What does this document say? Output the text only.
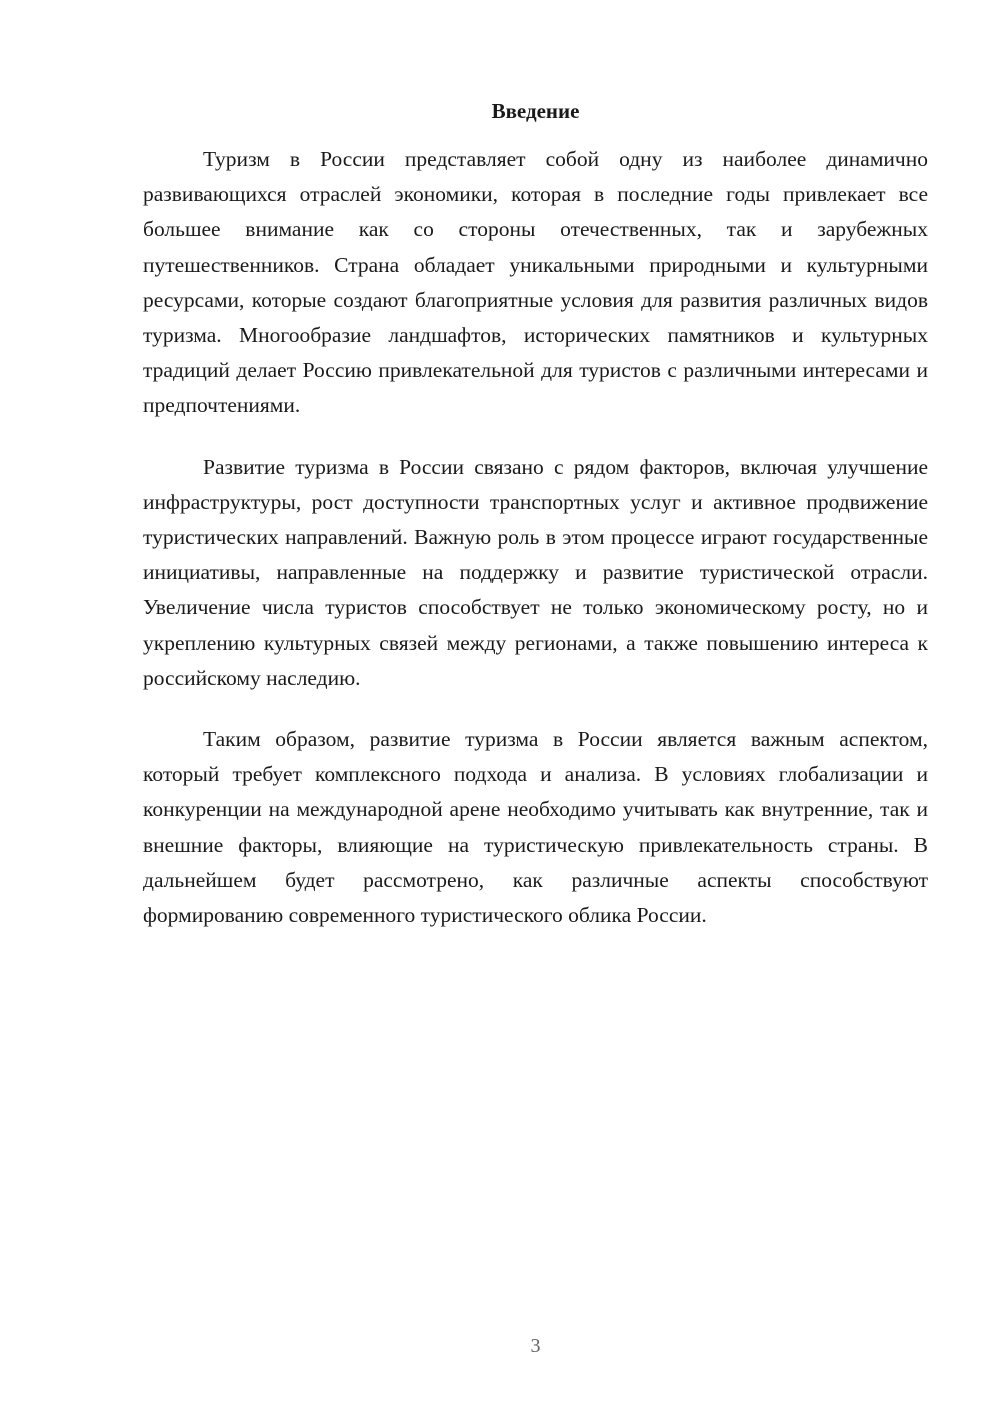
Введение

Туризм в России представляет собой одну из наиболее динамично развивающихся отраслей экономики, которая в последние годы привлекает все большее внимание как со стороны отечественных, так и зарубежных путешественников. Страна обладает уникальными природными и культурными ресурсами, которые создают благоприятные условия для развития различных видов туризма. Многообразие ландшафтов, исторических памятников и культурных традиций делает Россию привлекательной для туристов с различными интересами и предпочтениями.

Развитие туризма в России связано с рядом факторов, включая улучшение инфраструктуры, рост доступности транспортных услуг и активное продвижение туристических направлений. Важную роль в этом процессе играют государственные инициативы, направленные на поддержку и развитие туристической отрасли. Увеличение числа туристов способствует не только экономическому росту, но и укреплению культурных связей между регионами, а также повышению интереса к российскому наследию.

Таким образом, развитие туризма в России является важным аспектом, который требует комплексного подхода и анализа. В условиях глобализации и конкуренции на международной арене необходимо учитывать как внутренние, так и внешние факторы, влияющие на туристическую привлекательность страны. В дальнейшем будет рассмотрено, как различные аспекты способствуют формированию современного туристического облика России.

3
